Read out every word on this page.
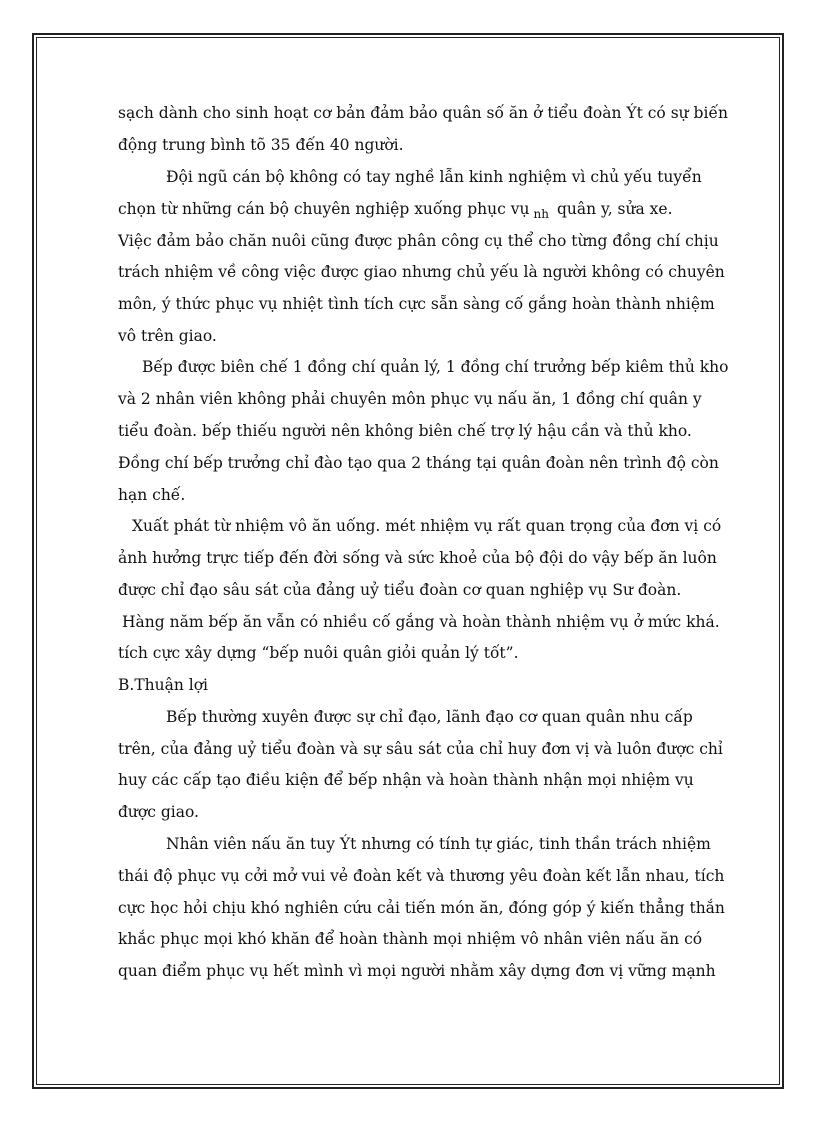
sạch dành cho sinh hoạt cơ bản đảm bảo quân số ăn ở tiểu đoàn Ýt có sự biến
động trung bình tõ 35 đến 40 người.
Đội ngũ cán bộ không có tay nghề lẫn kinh nghiệm vì chủ yếu tuyển
chọn từ những cán bộ chuyên nghiệp xuống phục vụ $_{nh}$ quân y, sửa xe.
Việc đảm bảo chăn nuôi cũng được phân công cụ thể cho từng đồng chí chịu
trách nhiệm về công việc được giao nhưng chủ yếu là người không có chuyên
môn, ý thức phục vụ nhiệt tình tích cực sẵn sàng cố gắng hoàn thành nhiệm
vô trên giao.
Bếp được biên chế 1 đồng chí quản lý, 1 đồng chí trưởng bếp kiêm thủ kho
và 2 nhân viên không phải chuyên môn phục vụ nấu ăn, 1 đồng chí quân y
tiểu đoàn. bếp thiếu người nên không biên chế trợ lý hậu cần và thủ kho.
Đồng chí bếp trưởng chỉ đào tạo qua 2 tháng tại quân đoàn nên trình độ còn
hạn chế.
Xuất phát từ nhiệm vô ăn uống. mét nhiệm vụ rất quan trọng của đơn vị có
ảnh hưởng trực tiếp đến đời sống và sức khoẻ của bộ đội do vậy bếp ăn luôn
được chỉ đạo sâu sát của đảng uỷ tiểu đoàn cơ quan nghiệp vụ Sư đoàn.
Hàng năm bếp ăn vẫn có nhiều cố gắng và hoàn thành nhiệm vụ ở mức khá.
tích cực xây dựng “bếp nuôi quân giỏi quản lý tốt”.
B.Thuận lợi
Bếp thường xuyên được sự chỉ đạo, lãnh đạo cơ quan quân nhu cấp
trên, của đảng uỷ tiểu đoàn và sự sâu sát của chỉ huy đơn vị và luôn được chỉ
huy các cấp tạo điều kiện để bếp nhận và hoàn thành nhận mọi nhiệm vụ
được giao.
Nhân viên nấu ăn tuy Ýt nhưng có tính tự giác, tinh thần trách nhiệm
thái độ phục vụ cởi mở vui vẻ đoàn kết và thương yêu đoàn kết lẫn nhau, tích
cực học hỏi chịu khó nghiên cứu cải tiến món ăn, đóng góp ý kiến thẳng thắn
khắc phục mọi khó khăn để hoàn thành mọi nhiệm vô nhân viên nấu ăn có
quan điểm phục vụ hết mình vì mọi người nhằm xây dựng đơn vị vững mạnh
